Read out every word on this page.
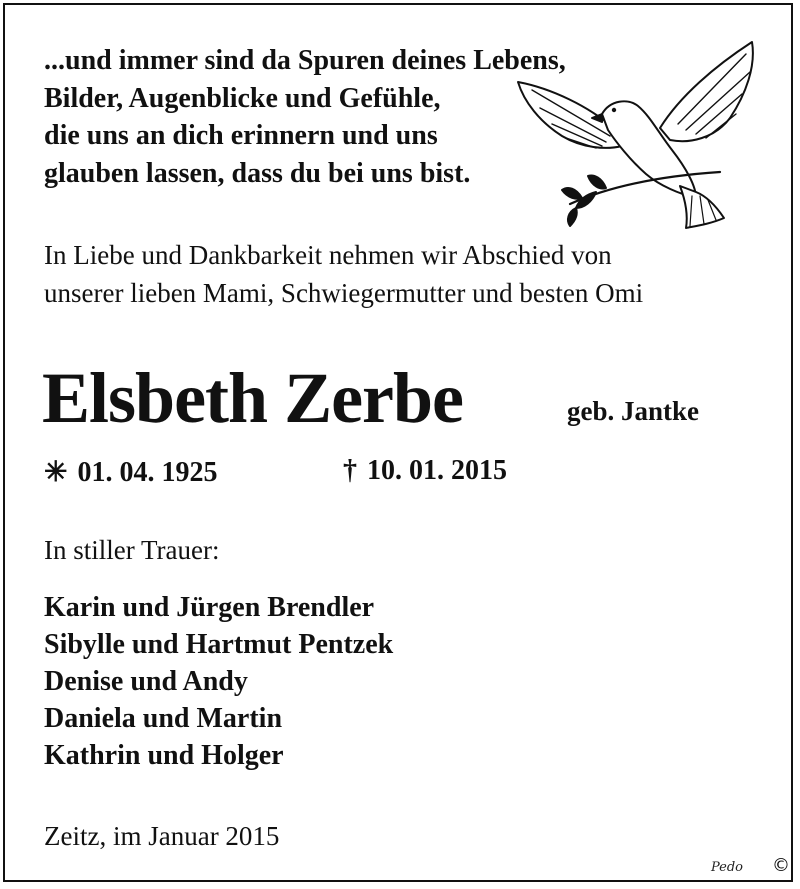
...und immer sind da Spuren deines Lebens,
Bilder, Augenblicke und Gefühle,
die uns an dich erinnern und uns
glauben lassen, dass du bei uns bist.
In Liebe und Dankbarkeit nehmen wir Abschied von
unserer lieben Mami, Schwiegermutter und besten Omi
Elsbeth Zerbe	geb. Jantke
✳ 01. 04. 1925	† 10. 01. 2015
In stiller Trauer:
Karin und Jürgen Brendler
Sibylle und Hartmut Pentzek
Denise und Andy
Daniela und Martin
Kathrin und Holger
Zeitz, im Januar 2015
Pedo ©
